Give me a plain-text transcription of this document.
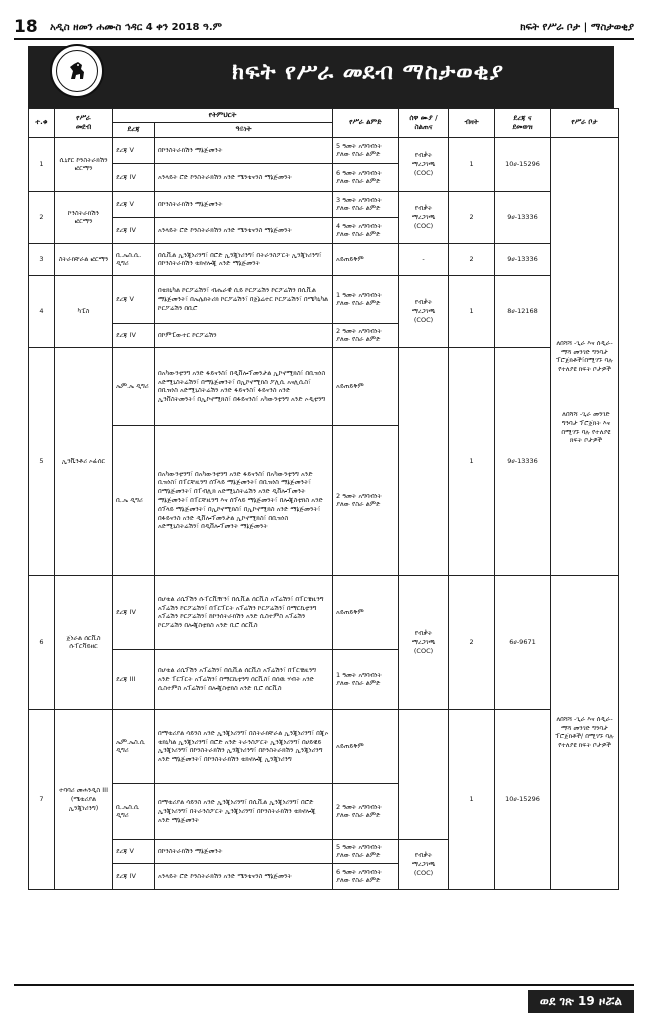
18	አዲስ ዘመን ሐሙስ ኅዳር 4 ቀን 2018 ዓ.ም	ክፍት የሥራ ቦታ | ማስታወቂያ
ክፍት የሥራ መደብ ማስታወቂያ
ተ.ቁ	የሥራ
መደብ	የትምህርት		የሥራ ልምድ	ሰዋ ሙያ /
ስልጠና	ብዛት	ደረጃ ና
ደመወዝ	የሥራ ቦታ
		ደረጃ	ዓይነት					
1	ሲኒየር ኮንስትራክሽን ፎርማን	ደረጃ V	በኮንስትራክሽን ማኔጅመንት	5 ዓመት አግባብነት ያለው የስራ ልምድ	የብቃት ማረጋገጫ (COC)	1	10ሀ-15296	ለበሻሻ -ጊራ እና ሰዲራ-ማሻ መንገድ ግንባታ ፕሮጀክቶች፣በሚገኙ ባሉ የተለያዩ ክፍት ቦታዎች
		ደረጃ IV	አንላይት ሮድ ኮንስትራክሽን አንድ ሜንቴናንስ ማኔጅመንት	6 ዓመት አግባብነት ያለው የስራ ልምድ				
2	ኮንስትራክሽን ፎርማን	ደረጃ V	በኮንስትራክሽን ማኔጅመንት	3 ዓመት አግባብነት ያለው የስራ ልምድ	የብቃት ማረጋገጫ (COC)	2	9ሀ-13336	
		ደረጃ IV	አንላይት ሮድ ኮንስትራክሽን አንድ ሜንቴናንስ ማኔጅመንት	4 ዓመት አግባብነት ያለው የስራ ልምድ				
3	ስትራክቸራል ፎርማን	ቢ.ኤስ.ሲ. ዲግሪ	በሲቪል ኢንጂነሪንግ፣ በሮድ ኢንጂነሪንግ፣ በትራንስፖርት ኢንጂነሪንግ፣ በኮንስትራክሽን ቴክኖሎጂ አንድ ማኔጅመንት	አይጠይቅም	-	2	9ሀ-13336	
4	ካፒስ	ደረጃ V	በቴክኒካል ኮርፖሬሽን፣ ብሔራዊ ሲይ ኮርፖሬሽን ኮርፖሬሽን በሲቪል ማኔጅመንት፣ በኤሌክትሪክ ኮርፖሬሽን፣ በጀኔሬተር ኮርፖሬሽን፣ በሜካኒካል ኮርፖሬሽን በቢሮ	1 ዓመት አግባብነት ያለው የስራ ልምድ	የብቃት ማረጋገጫ (COC)	1	8ሀ-12168	
		ደረጃ IV	በኮምፒውተር ኮርፖሬሽን	2 ዓመት አግባብነት ያለው የስራ ልምድ				
5	ኢንቬንቶሪ ኦፊሰር	ኤም.ኤ ዲግሪ	በአካውንቲንግ አንድ ፋይናንስ፣ በዲቨሎፕመንታል ኢኮኖሚክስ፣ በቢዝነስ አድሚኒስትሬሽን፣ በማኔጅመንት፣ በኢኮኖሚክስ ፖሊሲ አናሊሲስ፣ በቢዝነስ አድሚኒስትሬሽን አንድ ፋይናንስ፣ ፋይናንስ አንድ ኢንቨስትመንት፣ በኢኮኖሚክስ፣ በፋይናንስ፣ አካውንቲንግ አንድ ኦዲቲንግ	አይጠይቅም		1	9ሀ-13336	
		ቢ.ኤ ዲግሪ	በአካውንቲንግ፣ በአካውንቲንግ አንድ ፋይናንስ፣ በአካውንቲንግ አንድ ቢዝነስ፣ በፐርቸዚንግ ሰፕላይ ማኔጅመንት፣ በቢዝነስ ማኔጅመንት፣ በማኔጅመንት፣ በፐብሊክ አድሚኒስትሬሽን አንድ ዲቨሎፕመንት ማኔጅመንት፣ በፐርቸዚንግ እና ሰፕላይ ማኔጅመንት፣ በሎጂስቲክስ አንድ ሰፕላይ ማኔጅመንት፣ በኢኮኖሚክስ፣ በኢኮኖሚክስ አንድ ማኔጅመንት፣ በፋይናንስ አንድ ዲቨሎፕመንታል ኢኮኖሚክስ፣ በቢዝነስ አድሚኒስትሬሽን፣ በዲቨሎፕመንት ማኔጅመንት	2 ዓመት አግባብነት ያለው የስራ ልምድ				
6	ጀነራል ሰርቪስ ሱፐርቫይዘር	ደረጃ IV	በሆቴል ሪሴፕሽን ሱፐርቪዥን፣ በሲቪል ሰርቪስ አፕሬሽን፣ በፐርቼዚንግ አፕሬሽን ኮርፖሬሽን፣ በፐርፕርት አፕሬሽን ኮርፖሬሽን፣ በማርኬቲንግ አፕሬሽን ኮርፖሬሽን፣ ከኮንሰትራክሽን አንድ ሲስተምስ አፕሬሽን ኮርፖሬሽን በሎጂስቲክስ አንድ ቢሮ ሰርቪስ	አይጠይቅም	የብቃት ማረጋገጫ (COC)	2	6ሀ-9671	ለበሻሻ -ጊራ እና ሰዲራ-ማሻ መንገድ ግንባታ ፕሮጀክቶች/ በሚገኙ ባሉ የተለያዩ ክፍት ቦታዎች
		ደረጃ III	በሆቴል ሪሴፕሽን አፕሬሽን፣ በሲቪል ሰርቪስ አፕሬሽን፣ በፐርቼዚንግ አንድ ፐርፕርት አፕሬሽን፣ በማርኬቲንግ ሰርቪስ፣ በሰዉ ሃብት አንድ ሲስተምስ አፕሬሽን፣ በሎጂስቲክስ አንድ ቢሮ ሰርቪስ	1 ዓመት አግባብነት ያለው የስራ ልምድ				
7	ተባባሪ መሐንዲስ III (ሜቴሪያል ኢንጂነሪንግ)	ኤም.ኤስ.ሲ ዲግሪ	በማቴሪያል ሳይንስ አንድ ኢንጂነሪንግ፣ በስትራክቸራል ኢንጂነሪንግ፣ በጂኦ ቴክኒካል ኢንጂነሪንግ፣ በሮድ አንድ ትራንስፖርት ኢንጂነሪንግ፣ በሀይዌይ ኢንጂነሪንግ፣ በኮንስትራክሽን ኢንጂነሪንግ፣ በኮንስትራክሽን ኢንጂነሪንግ አንድ ማኔጅመንት፣ በኮንስትራክሽን ቴክኖሎጂ ኢንጂነሪንግ	አይጠይቅም		1	10ሀ-15296	
		ቢ.ኤስ.ሲ ዲግሪ	በማቴሪያል ሳይንስ አንድ ኢንጂነሪንግ፣ በሲቪል ኢንጂነሪንግ፣ በሮድ ኢንጂነሪንግ፣ በትራንስፖርት ኢንጂነሪንግ፣ በኮንስትራክሽን ቴክኖሎጂ አንድ ማኔጅመንት	2 ዓመት አግባብነት ያለው የስራ ልምድ				
		ደረጃ V	በኮንስትራክሽን ማኔጅመንት	5 ዓመት አግባብነት ያለው የስራ ልምድ	የብቃት ማረጋገጫ (COC)			
		ደረጃ IV	አንላይት ሮድ ኮንስትራክሽን አንድ ሜንቴናንስ ማኔጅመንት	6 ዓመት አግባብነት ያለው የስራ ልምድ				
ወደ ገጽ 19 ዞሯል
ለበሻሻ -ጊራ መንገድ ግንባታ ፕሮጀክት እና በሚገኙ ባሉ የተለያዩ ክፍት ቦታዎች
